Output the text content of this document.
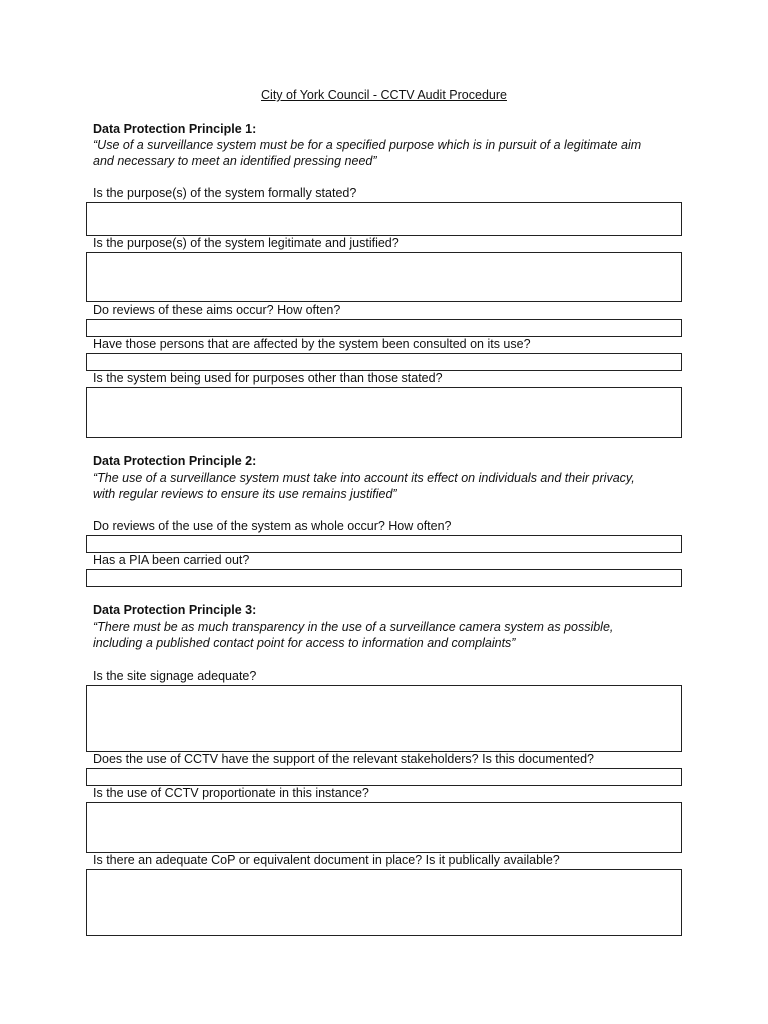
City of York Council - CCTV Audit Procedure
Data Protection Principle 1:
“Use of a surveillance system must be for a specified purpose which is in pursuit of a legitimate aim
and necessary to meet an identified pressing need”
Is the purpose(s) of the system formally stated?
Is the purpose(s) of the system legitimate and justified?
Do reviews of these aims occur? How often?
Have those persons that are affected by the system been consulted on its use?
Is the system being used for purposes other than those stated?
Data Protection Principle 2:
“The use of a surveillance system must take into account its effect on individuals and their privacy,
with regular reviews to ensure its use remains justified”
Do reviews of the use of the system as whole occur? How often?
Has a PIA been carried out?
Data Protection Principle 3:
“There must be as much transparency in the use of a surveillance camera system as possible,
including a published contact point for access to information and complaints”
Is the site signage adequate?
Does the use of CCTV have the support of the relevant stakeholders? Is this documented?
Is the use of CCTV proportionate in this instance?
Is there an adequate CoP or equivalent document in place? Is it publically available?
